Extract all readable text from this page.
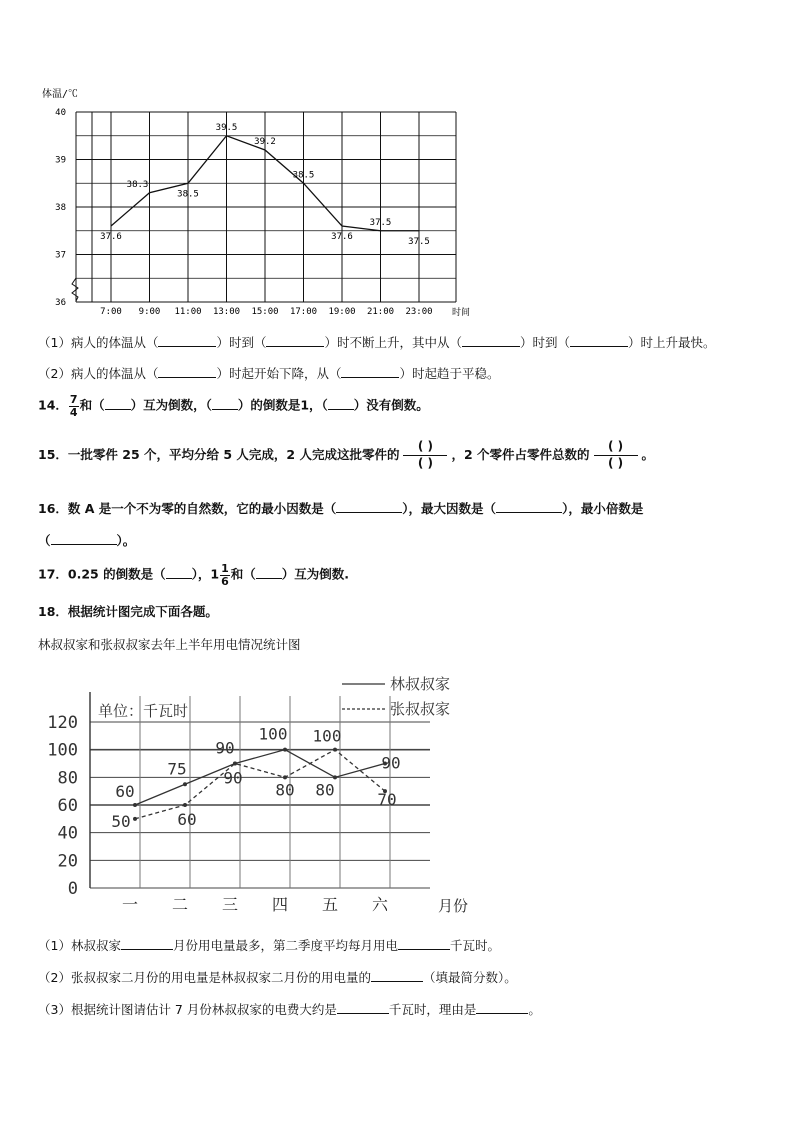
体温/℃
40
39
38
37
36
7:00 9:00 11:00 13:00 15:00 17:00 19:00 21:00 23:00
37.6
38.3
38.5
39.5
39.2
38.5
37.6
37.5
37.5
时间
（1）病人的体温从（	）时到（	）时不断上升，其中从（	）时到（	）时上升最快。
（2）病人的体温从（	）时起开始下降，从（	）时起趋于平稳。
14． $\frac{7}{4}$ 和（ ）互为倒数，（ ）的倒数是1，（ ）没有倒数。
15．一批零件 25 个，平均分给 5 人完成，2 人完成这批零件的
( )
( )
，2 个零件占零件总数的
( )
( )
。
16．数 A 是一个不为零的自然数，它的最小因数是（	），最大因数是（	），最小倍数是
（	）。
17．0.25 的倒数是（ ），$1 \frac{1}{6}$ 和（ ）互为倒数.
18．根据统计图完成下面各题。
林叔叔家和张叔叔家去年上半年用电情况统计图
120
100
80
60
40
20
0
一 二 三 四 五 六
单位：千瓦时
月份
林叔叔家
张叔叔家
60
75
90
100
80
90
50	60
90
80
100
70
（1）林叔叔家	月份用电量最多，第二季度平均每月用电	千瓦时。
（2）张叔叔家二月份的用电量是林叔叔家二月份的用电量的	（填最简分数）。
（3）根据统计图请估计 7 月份林叔叔家的电费大约是	千瓦时，理由是	。
